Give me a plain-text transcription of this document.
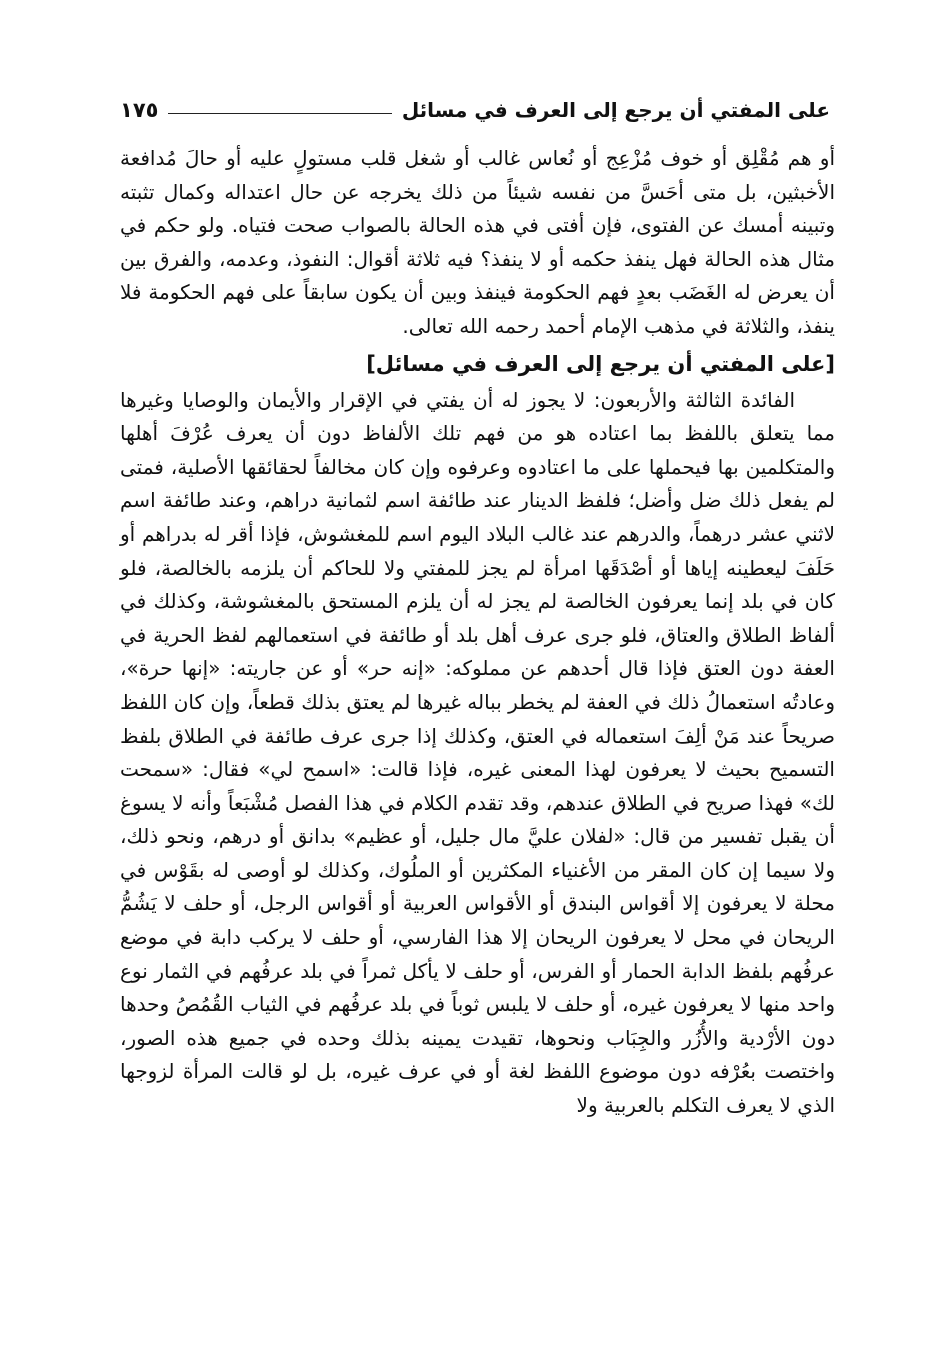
على المفتي أن يرجع إلى العرف في مسائل
١٧٥

أو هم مُقْلِق أو خوف مُزْعِج أو نُعاس غالب أو شغل قلب مستولٍ عليه أو حالَ مُدافعة الأخبثين، بل متى أحَسَّ من نفسه شيئاً من ذلك يخرجه عن حال اعتداله وكمال تثبته وتبينه أمسك عن الفتوى، فإن أفتى في هذه الحالة بالصواب صحت فتياه. ولو حكم في مثال هذه الحالة فهل ينفذ حكمه أو لا ينفذ؟ فيه ثلاثة أقوال: النفوذ، وعدمه، والفرق بين أن يعرض له الغَضَب بعدٍ فهم الحكومة فينفذ وبين أن يكون سابقاً على فهم الحكومة فلا ينفذ، والثلاثة في مذهب الإمام أحمد رحمه الله تعالى.

[على المفتي أن يرجع إلى العرف في مسائل]

الفائدة الثالثة والأربعون: لا يجوز له أن يفتي في الإقرار والأيمان والوصايا وغيرها مما يتعلق باللفظ بما اعتاده هو من فهم تلك الألفاظ دون أن يعرف عُرْفَ أهلها والمتكلمين بها فيحملها على ما اعتادوه وعرفوه وإن كان مخالفاً لحقائقها الأصلية، فمتى لم يفعل ذلك ضل وأضل؛ فلفظ الدينار عند طائفة اسم لثمانية دراهم، وعند طائفة اسم لاثني عشر درهماً، والدرهم عند غالب البلاد اليوم اسم للمغشوش، فإذا أقر له بدراهم أو حَلَفَ ليعطينه إياها أو أصْدَقَها امرأة لم يجز للمفتي ولا للحاكم أن يلزمه بالخالصة، فلو كان في بلد إنما يعرفون الخالصة لم يجز له أن يلزم المستحق بالمغشوشة، وكذلك في ألفاظ الطلاق والعتاق، فلو جرى عرف أهل بلد أو طائفة في استعمالهم لفظ الحرية في العفة دون العتق فإذا قال أحدهم عن مملوكه: «إنه حر» أو عن جاريته: «إنها حرة»، وعادتُه استعمالُ ذلك في العفة لم يخطر بباله غيرها لم يعتق بذلك قطعاً، وإن كان اللفظ صريحاً عند مَنْ ألِفَ استعماله في العتق، وكذلك إذا جرى عرف طائفة في الطلاق بلفظ التسميح بحيث لا يعرفون لهذا المعنى غيره، فإذا قالت: «اسمح لي» فقال: «سمحت لك» فهذا صريح في الطلاق عندهم، وقد تقدم الكلام في هذا الفصل مُشْبَعاً وأنه لا يسوغ أن يقبل تفسير من قال: «لفلان عليَّ مال جليل، أو عظيم» بدانق أو درهم، ونحو ذلك، ولا سيما إن كان المقر من الأغنياء المكثرين أو الملُوك، وكذلك لو أوصى له بقَوْس في محلة لا يعرفون إلا أقواس البندق أو الأقواس العربية أو أقواس الرجل، أو حلف لا يَشُمُّ الريحان في محل لا يعرفون الريحان إلا هذا الفارسي، أو حلف لا يركب دابة في موضع عرفُهم بلفظ الدابة الحمار أو الفرس، أو حلف لا يأكل ثمراً في بلد عرفُهم في الثمار نوع واحد منها لا يعرفون غيره، أو حلف لا يلبس ثوباً في بلد عرفُهم في الثياب القُمُصُ وحدها دون الأرْدية والأُزُر والجِبَاب ونحوها، تقيدت يمينه بذلك وحده في جميع هذه الصور، واختصت بعُرْفه دون موضوع اللفظ لغة أو في عرف غيره، بل لو قالت المرأة لزوجها الذي لا يعرف التكلم بالعربية ولا
